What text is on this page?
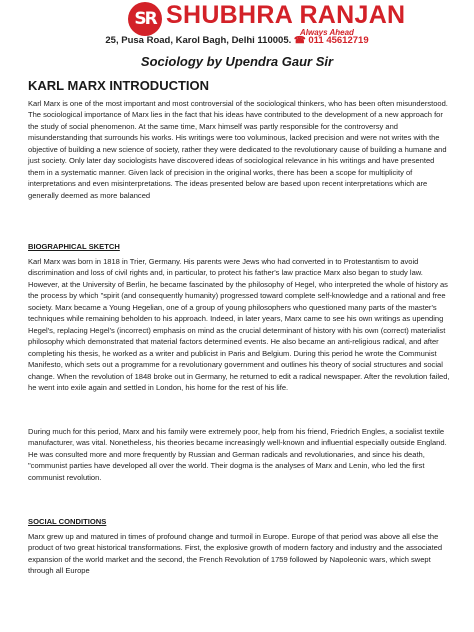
SR SHUBHRA RANJAN
Always Ahead
25, Pusa Road, Karol Bagh, Delhi 110005. ☎ 011 45612719
Sociology by Upendra Gaur Sir
KARL MARX INTRODUCTION
Karl Marx is one of the most important and most controversial of the sociological thinkers, who has been often misunderstood. The sociological importance of Marx lies in the fact that his ideas have contributed to the development of a new approach for the study of social phenomenon. At the same time, Marx himself was partly responsible for the controversy and misunderstanding that surrounds his works. His writings were too voluminous, lacked precision and were not writes with the objective of building a new science of society, rather they were dedicated to the revolutionary cause of building a humane and just society. Only later day sociologists have discovered ideas of sociological relevance in his writings and have presented them in a systematic manner. Given lack of precision in the original works, there has been a scope for multiplicity of interpretations and even misinterpretations. The ideas presented below are based upon recent interpretations which are generally deemed as more balanced
BIOGRAPHICAL SKETCH
Karl Marx was born in 1818 in Trier, Germany. His parents were Jews who had converted in to Protestantism to avoid discrimination and loss of civil rights and, in particular, to protect his father's law practice Marx also began to study law. However, at the University of Berlin, he became fascinated by the philosophy of Hegel, who interpreted the whole of history as the process by which "spirit (and consequently humanity) progressed toward complete self-knowledge and a rational and free society. Marx became a Young Hegelian, one of a group of young philosophers who questioned many parts of the master's techniques while remaining beholden to his approach. Indeed, in later years, Marx came to see his own writings as upending Hegel's, replacing Hegel's (incorrect) emphasis on mind as the crucial determinant of history with his own (correct) materialist philosophy which demonstrated that material factors determined events. He also became an anti-religious radical, and after completing his thesis, he worked as a writer and publicist in Paris and Belgium. During this period he wrote the Communist Manifesto, which sets out a programme for a revolutionary government and outlines his theory of social structures and social change. When the revolution of 1848 broke out in Germany, he returned to edit a radical newspaper. After the revolution failed, he went into exile again and settled in London, his home for the rest of his life.
During much for this period, Marx and his family were extremely poor, help from his friend, Friedrich Engles, a socialist textile manufacturer, was vital. Nonetheless, his theories became increasingly well-known and influential especially outside England. He was consulted more and more frequently by Russian and German radicals and revolutionaries, and since his death, "communist parties have developed all over the world. Their dogma is the analyses of Marx and Lenin, who led the first communist revolution.
SOCIAL CONDITIONS
Marx grew up and matured in times of profound change and turmoil in Europe. Europe of that period was above all else the product of two great historical transformations. First, the explosive growth of modern factory and industry and the associated expansion of the world market and the second, the French Revolution of 1759 followed by Napoleonic wars, which swept through all Europe
